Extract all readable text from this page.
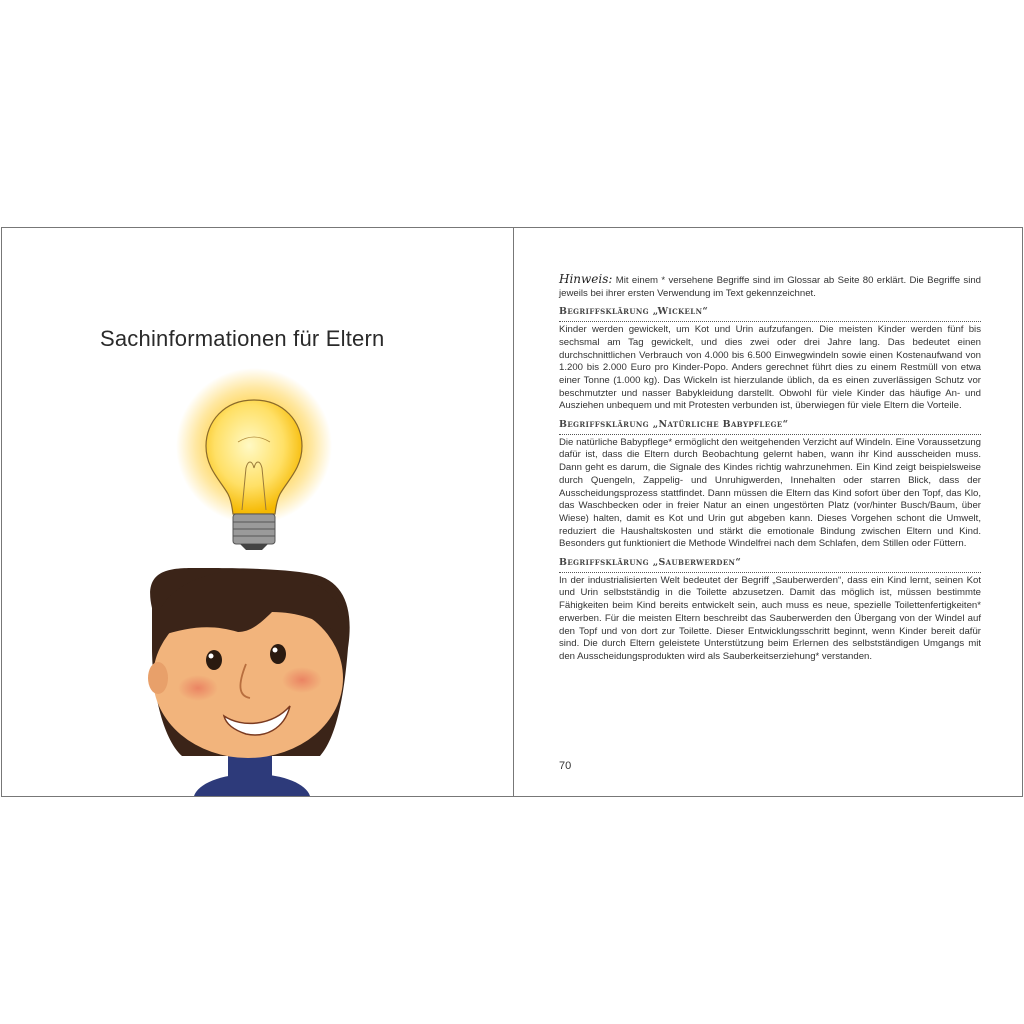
Sachinformationen für Eltern

Hinweis: Mit einem * versehene Begriffe sind im Glossar ab Seite 80 erklärt. Die Begriffe sind jeweils bei ihrer ersten Verwendung im Text gekennzeichnet.

Begriffsklärung „Wickeln“

Kinder werden gewickelt, um Kot und Urin aufzufangen. Die meisten Kinder werden fünf bis sechsmal am Tag gewickelt, und dies zwei oder drei Jahre lang. Das bedeutet einen durchschnittlichen Verbrauch von 4.000 bis 6.500 Einwegwindeln sowie einen Kostenaufwand von 1.200 bis 2.000 Euro pro Kinder-Popo. Anders gerechnet führt dies zu einem Restmüll von etwa einer Tonne (1.000 kg). Das Wickeln ist hierzulande üblich, da es einen zuverlässigen Schutz vor beschmutzter und nasser Babykleidung darstellt. Obwohl für viele Kinder das häufige An- und Ausziehen unbequem und mit Protesten verbunden ist, überwiegen für viele Eltern die Vorteile.

Begriffsklärung „Natürliche Babypflege“

Die natürliche Babypflege* ermöglicht den weitgehenden Verzicht auf Windeln. Eine Voraussetzung dafür ist, dass die Eltern durch Beobachtung gelernt haben, wann ihr Kind ausscheiden muss. Dann geht es darum, die Signale des Kindes richtig wahrzunehmen. Ein Kind zeigt beispielsweise durch Quengeln, Zappelig- und Unruhigwerden, Innehalten oder starren Blick, dass der Ausscheidungsprozess stattfindet. Dann müssen die Eltern das Kind sofort über den Topf, das Klo, das Waschbecken oder in freier Natur an einen ungestörten Platz (vor/hinter Busch/Baum, über Wiese) halten, damit es Kot und Urin gut abgeben kann. Dieses Vorgehen schont die Umwelt, reduziert die Haushaltskosten und stärkt die emotionale Bindung zwischen Eltern und Kind. Besonders gut funktioniert die Methode Windelfrei nach dem Schlafen, dem Stillen oder Füttern.

Begriffsklärung „Sauberwerden“

In der industrialisierten Welt bedeutet der Begriff „Sauberwerden“, dass ein Kind lernt, seinen Kot und Urin selbstständig in die Toilette abzusetzen. Damit das möglich ist, müssen bestimmte Fähigkeiten beim Kind bereits entwickelt sein, auch muss es neue, spezielle Toilettenfertigkeiten* erwerben. Für die meisten Eltern beschreibt das Sauberwerden den Übergang von der Windel auf den Topf und von dort zur Toilette. Dieser Entwicklungsschritt beginnt, wenn Kinder bereit dafür sind. Die durch Eltern geleistete Unterstützung beim Erlernen des selbstständigen Umgangs mit den Ausscheidungsprodukten wird als Sauberkeitserziehung* verstanden.

70
